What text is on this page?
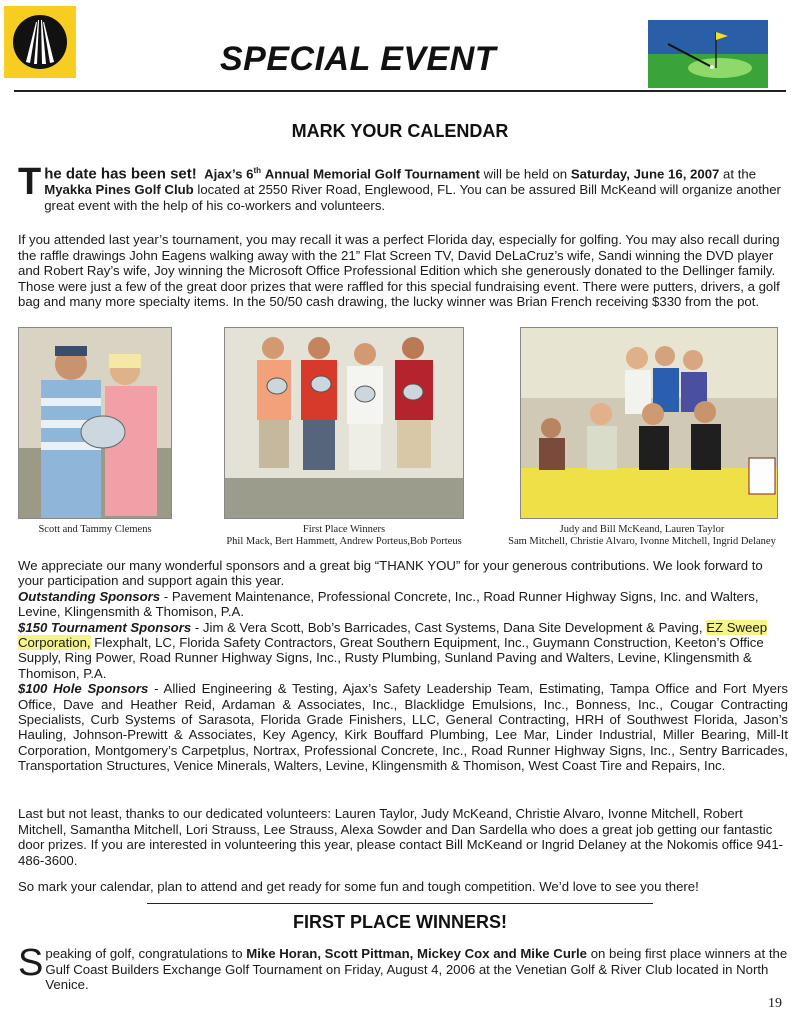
SPECIAL EVENT
MARK YOUR CALENDAR
The date has been set! Ajax’s 6th Annual Memorial Golf Tournament will be held on Saturday, June 16, 2007 at the Myakka Pines Golf Club located at 2550 River Road, Englewood, FL. You can be assured Bill McKeand will organize another great event with the help of his co-workers and volunteers.
If you attended last year’s tournament, you may recall it was a perfect Florida day, especially for golfing. You may also recall during the raffle drawings John Eagens walking away with the 21” Flat Screen TV, David DeLaCruz’s wife, Sandi winning the DVD player and Robert Ray’s wife, Joy winning the Microsoft Office Professional Edition which she generously donated to the Dellinger family. Those were just a few of the great door prizes that were raffled for this special fundraising event. There were putters, drivers, a golf bag and many more specialty items. In the 50/50 cash drawing, the lucky winner was Brian French receiving $330 from the pot.
Scott and Tammy Clemens	First Place Winners
Phil Mack, Bert Hammett, Andrew Porteus,Bob Porteus
Judy and Bill McKeand, Lauren Taylor
Sam Mitchell, Christie Alvaro, Ivonne Mitchell, Ingrid Delaney

We appreciate our many wonderful sponsors and a great big “THANK YOU” for your generous contributions. We look forward to your participation and support again this year.

Outstanding Sponsors - Pavement Maintenance, Professional Concrete, Inc., Road Runner Highway Signs, Inc. and Walters, Levine, Klingensmith & Thomison, P.A.

$150 Tournament Sponsors - Jim & Vera Scott, Bob’s Barricades, Cast Systems, Dana Site Development & Paving, EZ Sweep Corporation, Flexphalt, LC, Florida Safety Contractors, Great Southern Equipment, Inc., Guymann Construction, Keeton’s Office Supply, Ring Power, Road Runner Highway Signs, Inc., Rusty Plumbing, Sunland Paving and Walters, Levine, Klingensmith & Thomison, P.A.

$100 Hole Sponsors - Allied Engineering & Testing, Ajax’s Safety Leadership Team, Estimating, Tampa Office and Fort Myers Office, Dave and Heather Reid, Ardaman & Associates, Inc., Blacklidge Emulsions, Inc., Bonness, Inc., Cougar Contracting Specialists, Curb Systems of Sarasota, Florida Grade Finishers, LLC, General Contracting, HRH of Southwest Florida, Jason’s Hauling, Johnson-Prewitt & Associates, Key Agency, Kirk Bouffard Plumbing, Lee Mar, Linder Industrial, Miller Bearing, Mill-It Corporation, Montgomery’s Carpetplus, Nortrax, Professional Concrete, Inc., Road Runner Highway Signs, Inc., Sentry Barricades, Transportation Structures, Venice Minerals, Walters, Levine, Klingensmith & Thomison, West Coast Tire and Repairs, Inc.

Last but not least, thanks to our dedicated volunteers: Lauren Taylor, Judy McKeand, Christie Alvaro, Ivonne Mitchell, Robert Mitchell, Samantha Mitchell, Lori Strauss, Lee Strauss, Alexa Sowder and Dan Sardella who does a great job getting our fantastic door prizes. If you are interested in volunteering this year, please contact Bill McKeand or Ingrid Delaney at the Nokomis office 941-486-3600.
So mark your calendar, plan to attend and get ready for some fun and tough competition. We’d love to see you there!
FIRST PLACE WINNERS!
Speaking of golf, congratulations to Mike Horan, Scott Pittman, Mickey Cox and Mike Curle on being first place winners at the Gulf Coast Builders Exchange Golf Tournament on Friday, August 4, 2006 at the Venetian Golf & River Club located in North Venice.
19
